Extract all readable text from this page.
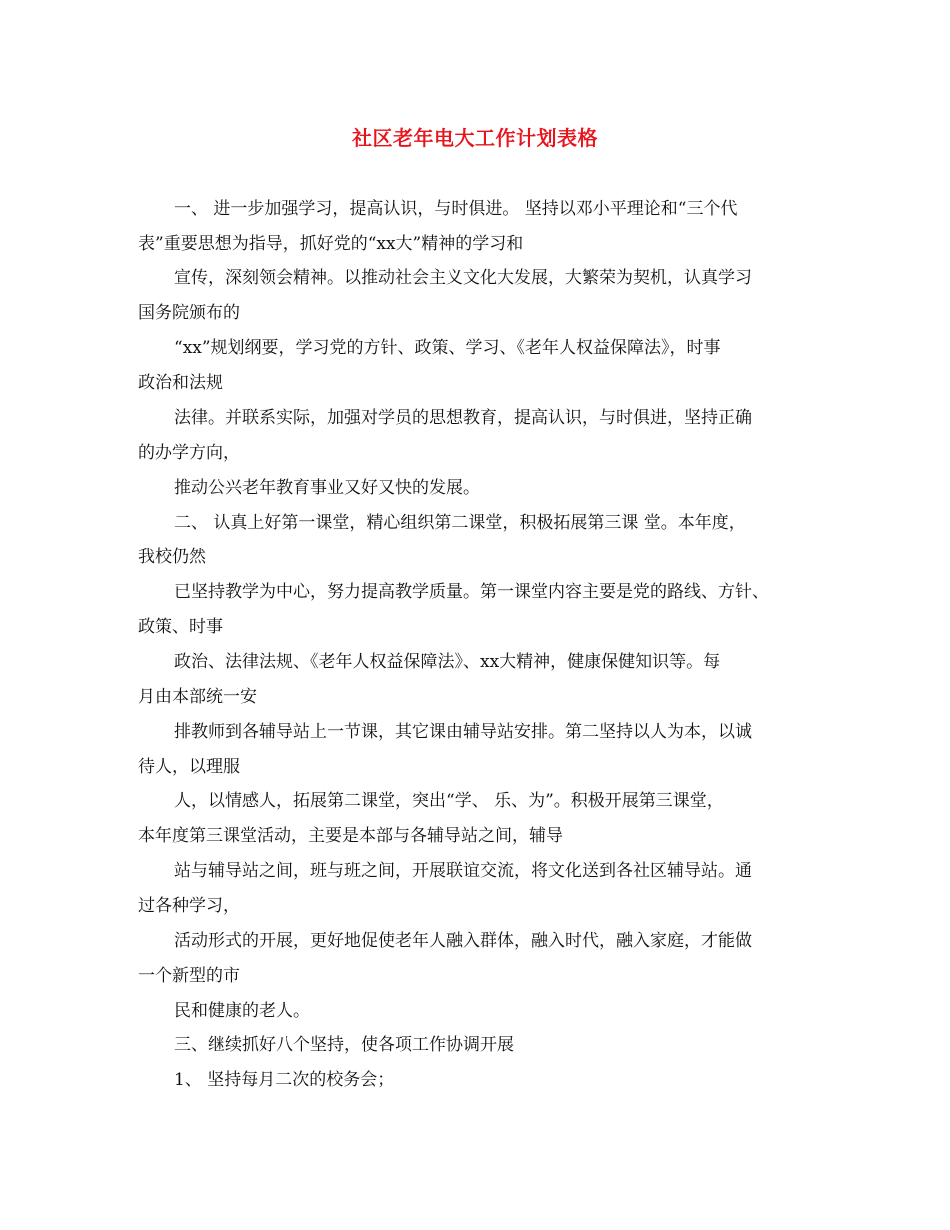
社区老年电大工作计划表格
一、 进一步加强学习，提高认识，与时俱进。 坚持以邓小平理论和“三个代
表”重要思想为指导，抓好党的“xx大”精神的学习和
宣传，深刻领会精神。以推动社会主义文化大发展，大繁荣为契机，认真学习
国务院颁布的
“xx”规划纲要，学习党的方针、政策、学习、《老年人权益保障法》，时事
政治和法规
法律。并联系实际，加强对学员的思想教育，提高认识，与时俱进，坚持正确
的办学方向，
推动公兴老年教育事业又好又快的发展。
二、 认真上好第一课堂，精心组织第二课堂，积极拓展第三课 堂。本年度，
我校仍然
已坚持教学为中心，努力提高教学质量。第一课堂内容主要是党的路线、方针、
政策、时事
政治、法律法规、《老年人权益保障法》、xx大精神，健康保健知识等。每
月由本部统一安
排教师到各辅导站上一节课，其它课由辅导站安排。第二坚持以人为本，以诚
待人，以理服
人，以情感人，拓展第二课堂，突出“学、 乐、为”。积极开展第三课堂，
本年度第三课堂活动，主要是本部与各辅导站之间，辅导
站与辅导站之间，班与班之间，开展联谊交流，将文化送到各社区辅导站。通
过各种学习，
活动形式的开展，更好地促使老年人融入群体，融入时代，融入家庭，才能做
一个新型的市
民和健康的老人。
三、继续抓好八个坚持，使各项工作协调开展
1、 坚持每月二次的校务会；
